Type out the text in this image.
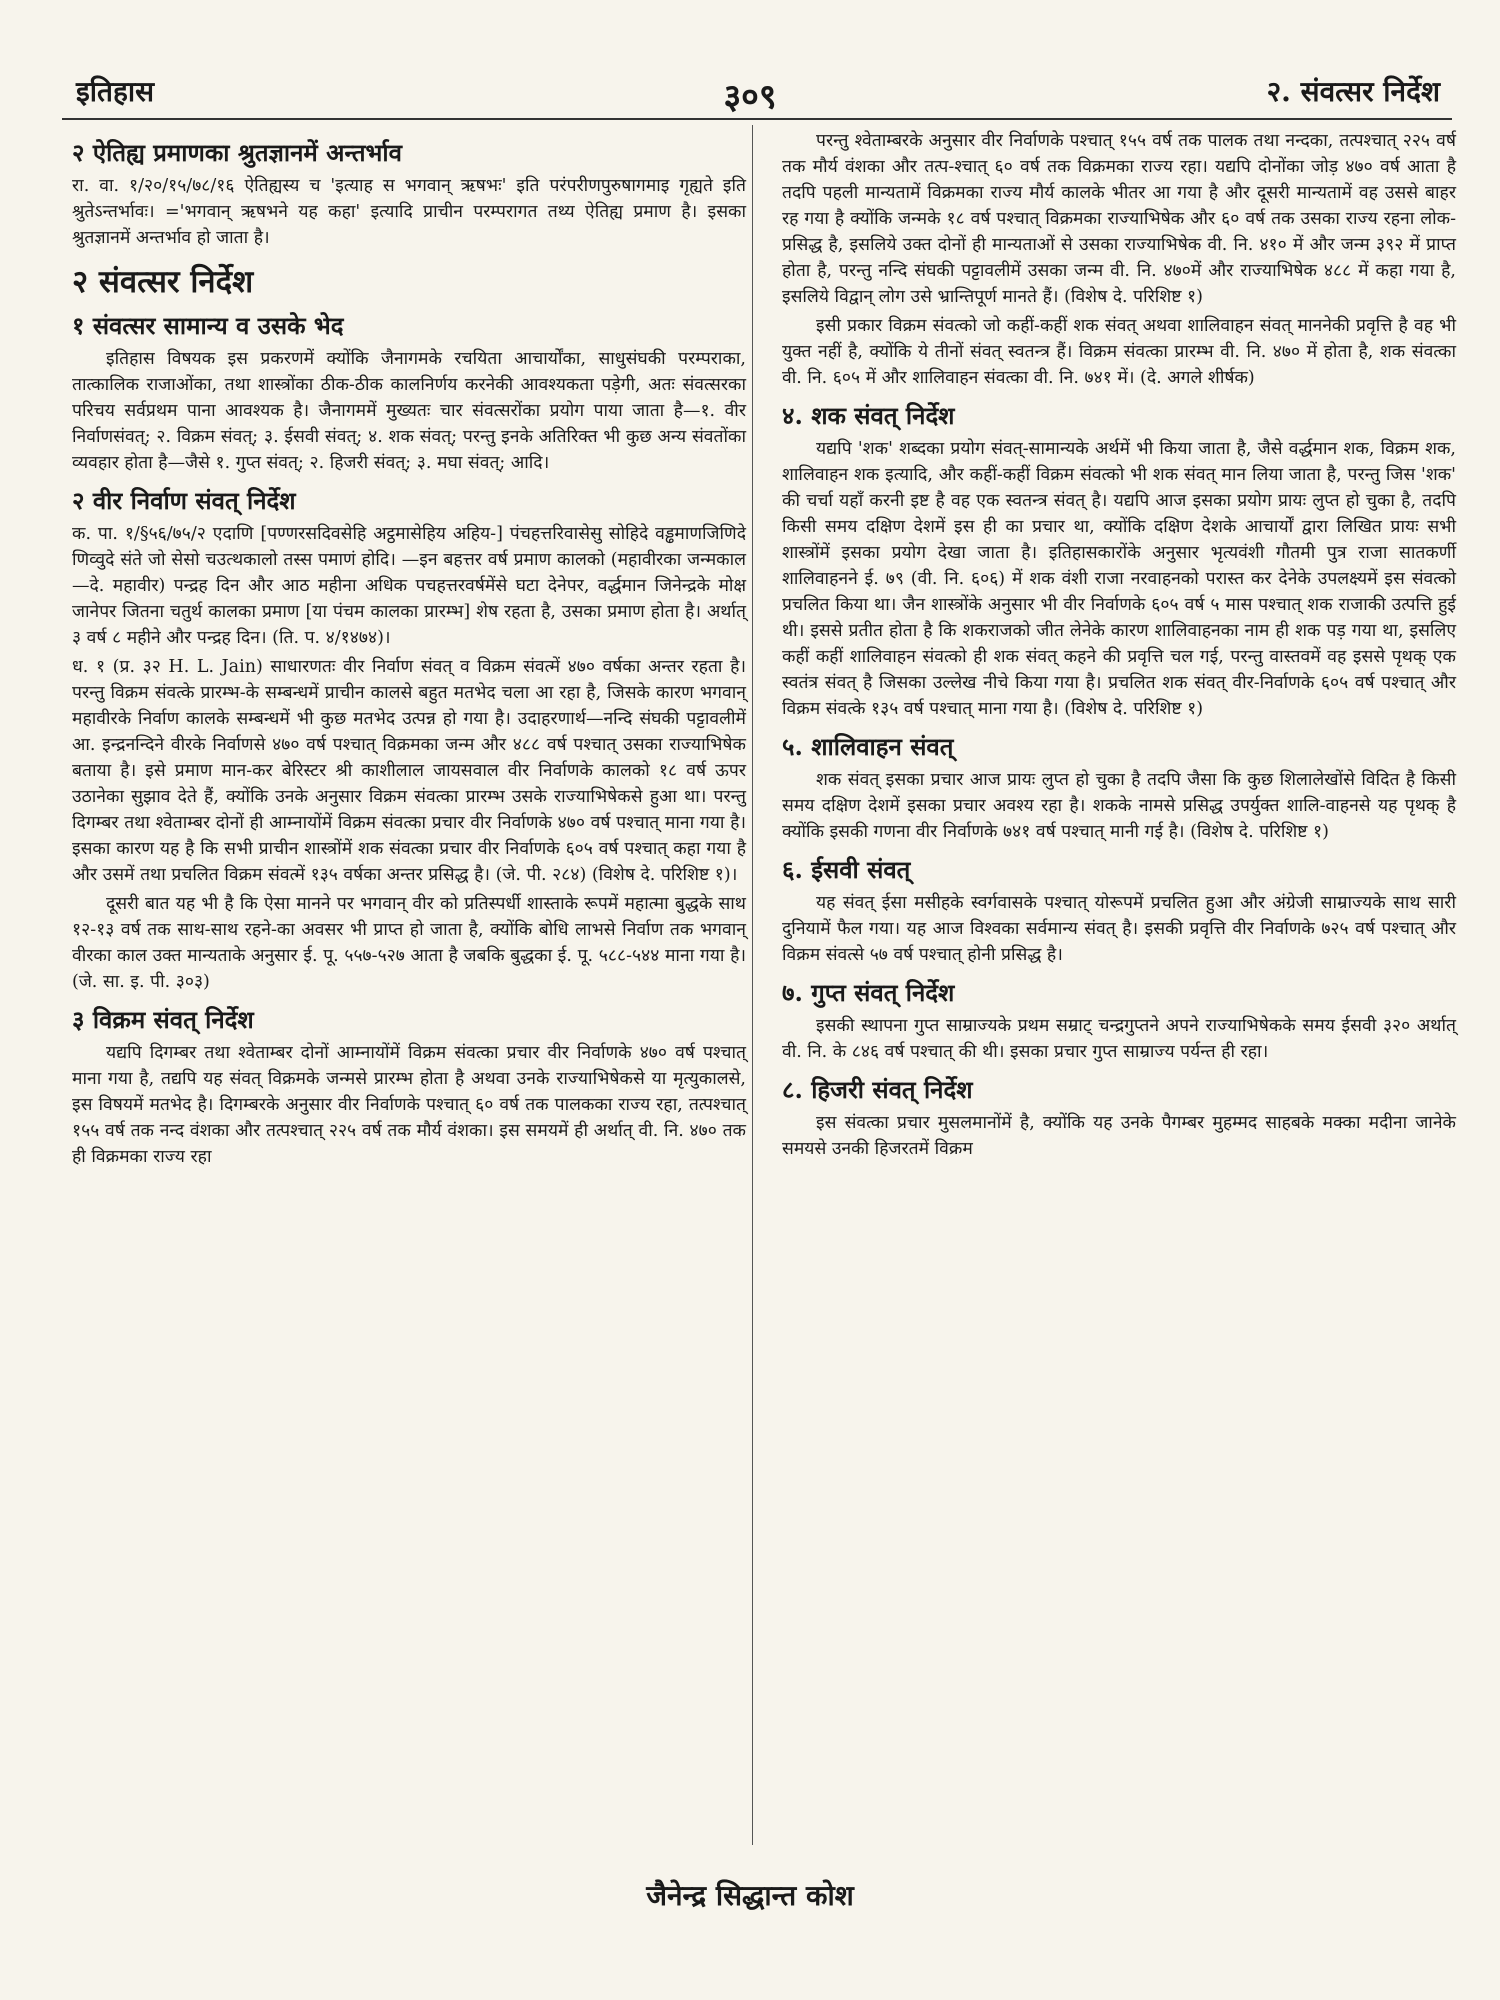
इतिहास	३०९	२. संवत्सर निर्देश
२ ऐतिह्य प्रमाणका श्रुतज्ञानमें अन्तर्भाव

रा. वा. १/२०/१५/७८/१६ ऐतिह्यस्य च 'इत्याह स भगवान् ऋषभः' इति परंपरीणपुरुषागमाइ गृह्यते इति श्रुतेऽन्तर्भावः। ='भगवान् ऋषभने यह कहा' इत्यादि प्राचीन परम्परागत तथ्य ऐतिह्य प्रमाण है। इसका श्रुतज्ञानमें अन्तर्भाव हो जाता है।

२ संवत्सर निर्देश
१ संवत्सर सामान्य व उसके भेद

इतिहास विषयक इस प्रकरणमें क्योंकि जैनागमके रचयिता आचार्योंका, साधुसंघकी परम्पराका, तात्कालिक राजाओंका, तथा शास्त्रोंका ठीक-ठीक कालनिर्णय करनेकी आवश्यकता पड़ेगी, अतः संवत्सरका परिचय सर्वप्रथम पाना आवश्यक है। जैनागममें मुख्यतः चार संवत्सरोंका प्रयोग पाया जाता है—१. वीर निर्वाणसंवत्; २. विक्रम संवत्; ३. ईसवी संवत्; ४. शक संवत्; परन्तु इनके अतिरिक्त भी कुछ अन्य संवतोंका व्यवहार होता है—जैसे १. गुप्त संवत्; २. हिजरी संवत्; ३. मघा संवत्; आदि।

२ वीर निर्वाण संवत् निर्देश

क. पा. १/§५६/७५/२ एदाणि [पण्णरसदिवसेहि अट्ठमासेहिय अहिय-] पंचहत्तरिवासेसु सोहिदे वड्ढमाणजिणिदे णिव्वुदे संते जो सेसो चउत्थकालो तस्स पमाणं होदि। —इन बहत्तर वर्ष प्रमाण कालको (महावीरका जन्मकाल—दे. महावीर) पन्द्रह दिन और आठ महीना अधिक पचहत्तरवर्षमेंसे घटा देनेपर, वर्द्धमान जिनेन्द्रके मोक्ष जानेपर जितना चतुर्थ कालका प्रमाण [या पंचम कालका प्रारम्भ] शेष रहता है, उसका प्रमाण होता है। अर्थात् ३ वर्ष ८ महीने और पन्द्रह दिन। (ति. प. ४/१४७४)।

ध. १ (प्र. ३२ H. L. Jain) साधारणतः वीर निर्वाण संवत् व विक्रम संवत्में ४७० वर्षका अन्तर रहता है। परन्तु विक्रम संवत्के प्रारम्भ-के सम्बन्धमें प्राचीन कालसे बहुत मतभेद चला आ रहा है, जिसके कारण भगवान् महावीरके निर्वाण कालके सम्बन्धमें भी कुछ मतभेद उत्पन्न हो गया है। उदाहरणार्थ—नन्दि संघकी पट्टावलीमें आ. इन्द्रनन्दिने वीरके निर्वाणसे ४७० वर्ष पश्चात् विक्रमका जन्म और ४८८ वर्ष पश्चात् उसका राज्याभिषेक बताया है। इसे प्रमाण मान-कर बेरिस्टर श्री काशीलाल जायसवाल वीर निर्वाणके कालको १८ वर्ष ऊपर उठानेका सुझाव देते हैं, क्योंकि उनके अनुसार विक्रम संवत्का प्रारम्भ उसके राज्याभिषेकसे हुआ था। परन्तु दिगम्बर तथा श्वेताम्बर दोनों ही आम्नायोंमें विक्रम संवत्का प्रचार वीर निर्वाणके ४७० वर्ष पश्चात् माना गया है। इसका कारण यह है कि सभी प्राचीन शास्त्रोंमें शक संवत्का प्रचार वीर निर्वाणके ६०५ वर्ष पश्चात् कहा गया है और उसमें तथा प्रचलित विक्रम संवत्में १३५ वर्षका अन्तर प्रसिद्ध है। (जे. पी. २८४) (विशेष दे. परिशिष्ट १)।

दूसरी बात यह भी है कि ऐसा मानने पर भगवान् वीर को प्रतिस्पर्धी शास्ताके रूपमें महात्मा बुद्धके साथ १२-१३ वर्ष तक साथ-साथ रहने-का अवसर भी प्राप्त हो जाता है, क्योंकि बोधि लाभसे निर्वाण तक भगवान् वीरका काल उक्त मान्यताके अनुसार ई. पू. ५५७-५२७ आता है जबकि बुद्धका ई. पू. ५८८-५४४ माना गया है। (जे. सा. इ. पी. ३०३)

३ विक्रम संवत् निर्देश

यद्यपि दिगम्बर तथा श्वेताम्बर दोनों आम्नायोंमें विक्रम संवत्का प्रचार वीर निर्वाणके ४७० वर्ष पश्चात् माना गया है, तद्यपि यह संवत् विक्रमके जन्मसे प्रारम्भ होता है अथवा उनके राज्याभिषेकसे या मृत्युकालसे, इस विषयमें मतभेद है। दिगम्बरके अनुसार वीर निर्वाणके पश्चात् ६० वर्ष तक पालकका राज्य रहा, तत्पश्चात् १५५ वर्ष तक नन्द वंशका और तत्पश्चात् २२५ वर्ष तक मौर्य वंशका। इस समयमें ही अर्थात् वी. नि. ४७० तक ही विक्रमका राज्य रहा

परन्तु श्वेताम्बरके अनुसार वीर निर्वाणके पश्चात् १५५ वर्ष तक पालक तथा नन्दका, तत्पश्चात् २२५ वर्ष तक मौर्य वंशका और तत्प-श्चात् ६० वर्ष तक विक्रमका राज्य रहा। यद्यपि दोनोंका जोड़ ४७० वर्ष आता है तदपि पहली मान्यतामें विक्रमका राज्य मौर्य कालके भीतर आ गया है और दूसरी मान्यतामें वह उससे बाहर रह गया है क्योंकि जन्मके १८ वर्ष पश्चात् विक्रमका राज्याभिषेक और ६० वर्ष तक उसका राज्य रहना लोक-प्रसिद्ध है, इसलिये उक्त दोनों ही मान्यताओं से उसका राज्याभिषेक वी. नि. ४१० में और जन्म ३९२ में प्राप्त होता है, परन्तु नन्दि संघकी पट्टावलीमें उसका जन्म वी. नि. ४७०में और राज्याभिषेक ४८८ में कहा गया है, इसलिये विद्वान् लोग उसे भ्रान्तिपूर्ण मानते हैं। (विशेष दे. परिशिष्ट १)

इसी प्रकार विक्रम संवत्को जो कहीं-कहीं शक संवत् अथवा शालिवाहन संवत् माननेकी प्रवृत्ति है वह भी युक्त नहीं है, क्योंकि ये तीनों संवत् स्वतन्त्र हैं। विक्रम संवत्का प्रारम्भ वी. नि. ४७० में होता है, शक संवत्का वी. नि. ६०५ में और शालिवाहन संवत्का वी. नि. ७४१ में। (दे. अगले शीर्षक)

४. शक संवत् निर्देश

यद्यपि 'शक' शब्दका प्रयोग संवत्-सामान्यके अर्थमें भी किया जाता है, जैसे वर्द्धमान शक, विक्रम शक, शालिवाहन शक इत्यादि, और कहीं-कहीं विक्रम संवत्को भी शक संवत् मान लिया जाता है, परन्तु जिस 'शक' की चर्चा यहाँ करनी इष्ट है वह एक स्वतन्त्र संवत् है। यद्यपि आज इसका प्रयोग प्रायः लुप्त हो चुका है, तदपि किसी समय दक्षिण देशमें इस ही का प्रचार था, क्योंकि दक्षिण देशके आचार्यों द्वारा लिखित प्रायः सभी शास्त्रोंमें इसका प्रयोग देखा जाता है। इतिहासकारोंके अनुसार भृत्यवंशी गौतमी पुत्र राजा सातकर्णी शालिवाहनने ई. ७९ (वी. नि. ६०६) में शक वंशी राजा नरवाहनको परास्त कर देनेके उपलक्ष्यमें इस संवत्को प्रचलित किया था। जैन शास्त्रोंके अनुसार भी वीर निर्वाणके ६०५ वर्ष ५ मास पश्चात् शक राजाकी उत्पत्ति हुई थी। इससे प्रतीत होता है कि शकराजको जीत लेनेके कारण शालिवाहनका नाम ही शक पड़ गया था, इसलिए कहीं कहीं शालिवाहन संवत्को ही शक संवत् कहने की प्रवृत्ति चल गई, परन्तु वास्तवमें वह इससे पृथक् एक स्वतंत्र संवत् है जिसका उल्लेख नीचे किया गया है। प्रचलित शक संवत् वीर-निर्वाणके ६०५ वर्ष पश्चात् और विक्रम संवत्के १३५ वर्ष पश्चात् माना गया है। (विशेष दे. परिशिष्ट १)

५. शालिवाहन संवत्

शक संवत् इसका प्रचार आज प्रायः लुप्त हो चुका है तदपि जैसा कि कुछ शिलालेखोंसे विदित है किसी समय दक्षिण देशमें इसका प्रचार अवश्य रहा है। शकके नामसे प्रसिद्ध उपर्युक्त शालि-वाहनसे यह पृथक् है क्योंकि इसकी गणना वीर निर्वाणके ७४१ वर्ष पश्चात् मानी गई है। (विशेष दे. परिशिष्ट १)

६. ईसवी संवत्

यह संवत् ईसा मसीहके स्वर्गवासके पश्चात् योरूपमें प्रचलित हुआ और अंग्रेजी साम्राज्यके साथ सारी दुनियामें फैल गया। यह आज विश्वका सर्वमान्य संवत् है। इसकी प्रवृत्ति वीर निर्वाणके ७२५ वर्ष पश्चात् और विक्रम संवत्से ५७ वर्ष पश्चात् होनी प्रसिद्ध है।

७. गुप्त संवत् निर्देश

इसकी स्थापना गुप्त साम्राज्यके प्रथम सम्राट् चन्द्रगुप्तने अपने राज्याभिषेकके समय ईसवी ३२० अर्थात् वी. नि. के ८४६ वर्ष पश्चात् की थी। इसका प्रचार गुप्त साम्राज्य पर्यन्त ही रहा।

८. हिजरी संवत् निर्देश

इस संवत्का प्रचार मुसलमानोंमें है, क्योंकि यह उनके पैगम्बर मुहम्मद साहबके मक्का मदीना जानेके समयसे उनकी हिजरतमें विक्रम

जैनेन्द्र सिद्धान्त कोश
